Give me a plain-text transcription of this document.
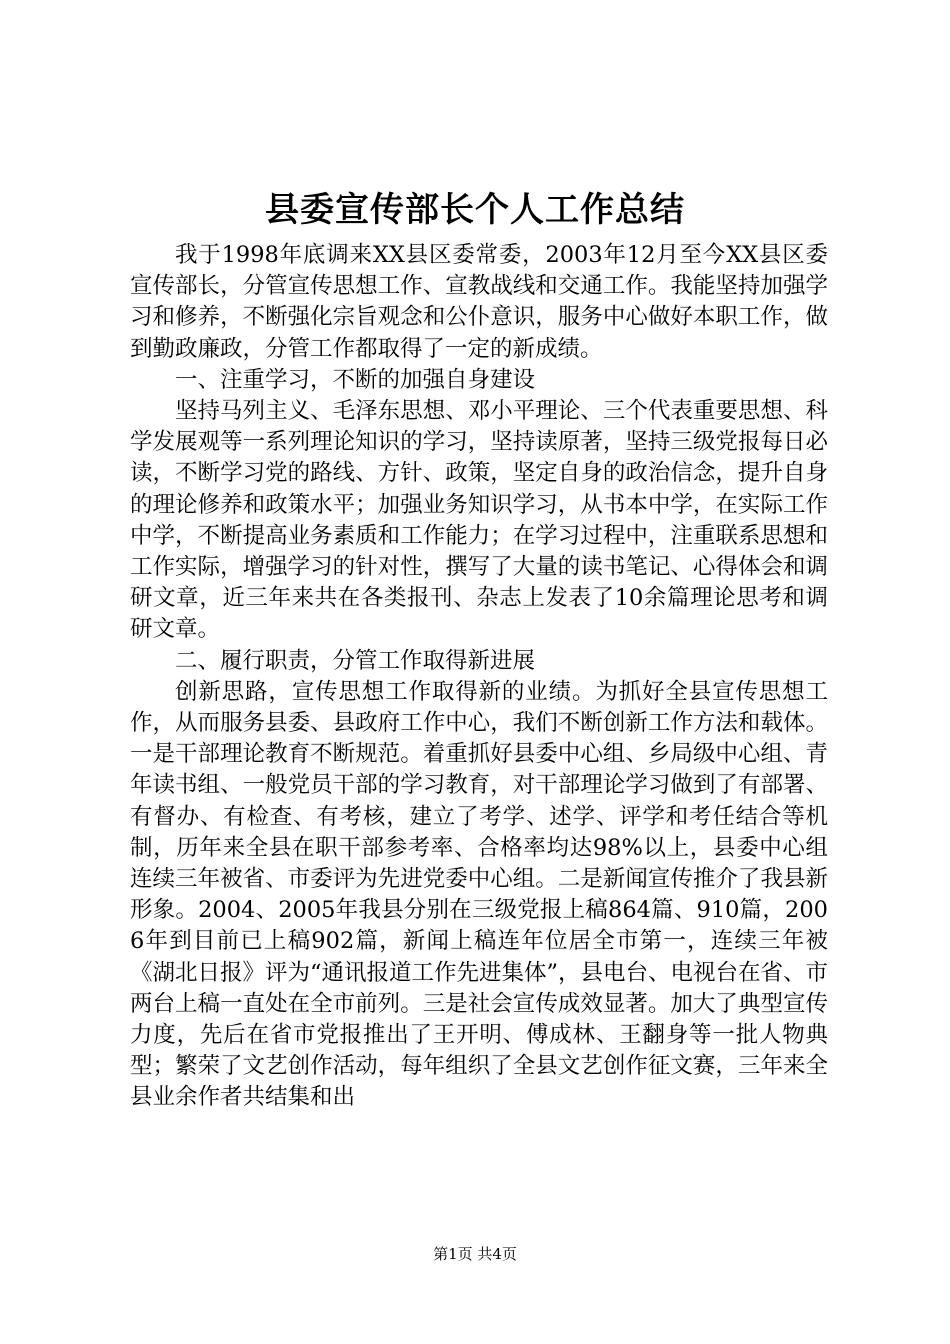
县委宣传部长个人工作总结

我于1998年底调来XX县区委常委，2003年12月至今XX县区委宣传部长，分管宣传思想工作、宣教战线和交通工作。我能坚持加强学习和修养，不断强化宗旨观念和公仆意识，服务中心做好本职工作，做到勤政廉政，分管工作都取得了一定的新成绩。

一、注重学习，不断的加强自身建设

坚持马列主义、毛泽东思想、邓小平理论、三个代表重要思想、科学发展观等一系列理论知识的学习，坚持读原著，坚持三级党报每日必读，不断学习党的路线、方针、政策，坚定自身的政治信念，提升自身的理论修养和政策水平；加强业务知识学习，从书本中学，在实际工作中学，不断提高业务素质和工作能力；在学习过程中，注重联系思想和工作实际，增强学习的针对性，撰写了大量的读书笔记、心得体会和调研文章，近三年来共在各类报刊、杂志上发表了10余篇理论思考和调研文章。

二、履行职责，分管工作取得新进展

创新思路，宣传思想工作取得新的业绩。为抓好全县宣传思想工作，从而服务县委、县政府工作中心，我们不断创新工作方法和载体。一是干部理论教育不断规范。着重抓好县委中心组、乡局级中心组、青年读书组、一般党员干部的学习教育，对干部理论学习做到了有部署、有督办、有检查、有考核，建立了考学、述学、评学和考任结合等机制，历年来全县在职干部参考率、合格率均达98%以上，县委中心组连续三年被省、市委评为先进党委中心组。二是新闻宣传推介了我县新形象。2004、2005年我县分别在三级党报上稿864篇、910篇，2006年到目前已上稿902篇，新闻上稿连年位居全市第一，连续三年被《湖北日报》评为“通讯报道工作先进集体”，县电台、电视台在省、市两台上稿一直处在全市前列。三是社会宣传成效显著。加大了典型宣传力度，先后在省市党报推出了王开明、傅成林、王翻身等一批人物典型；繁荣了文艺创作活动，每年组织了全县文艺创作征文赛，三年来全县业余作者共结集和出

第1页 共4页
